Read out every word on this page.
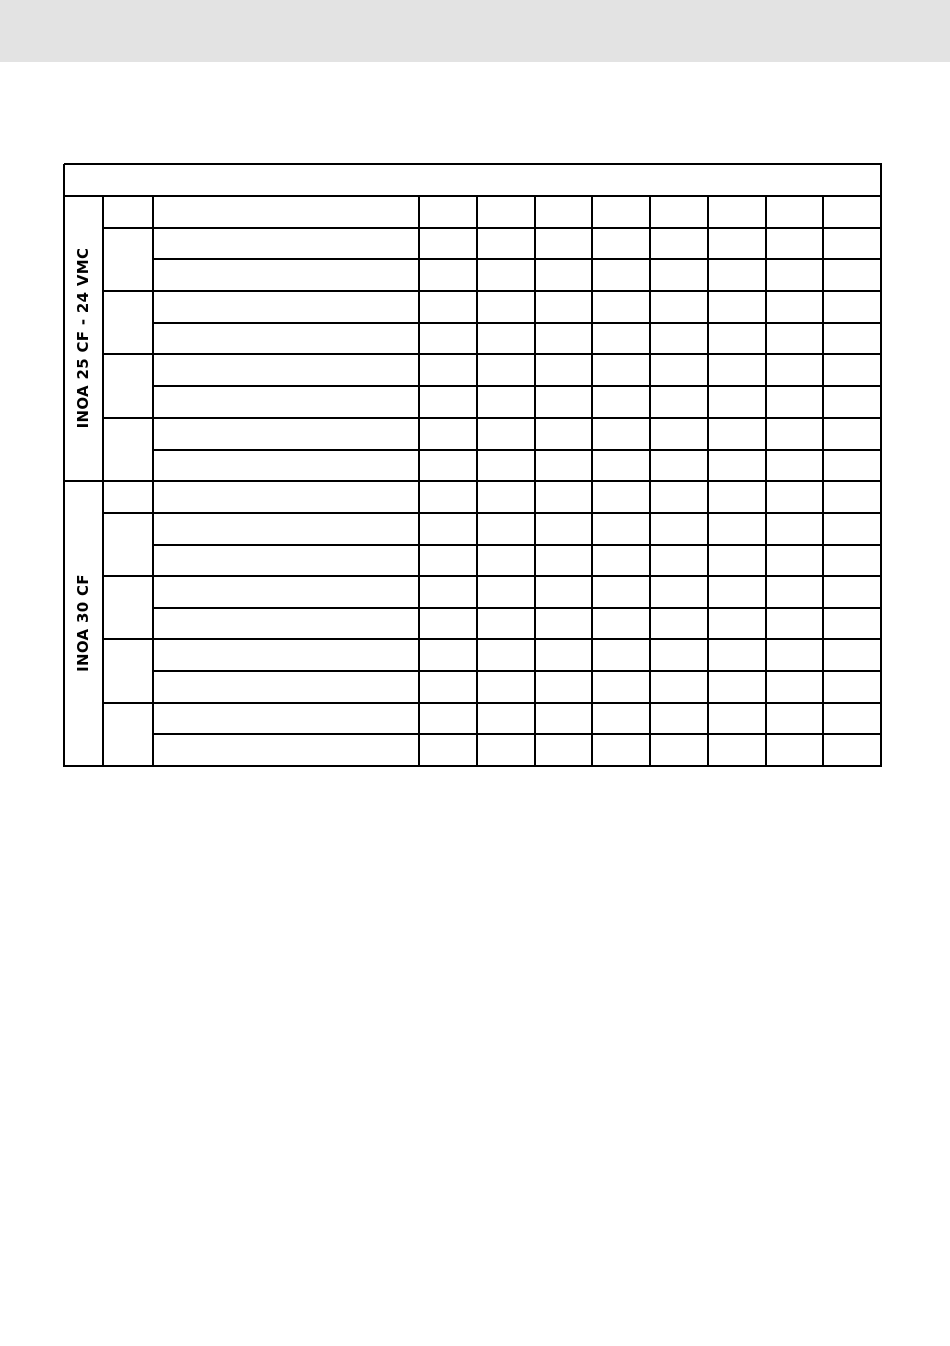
INOA 25 CF - 24 VMC
INOA 30 CF
